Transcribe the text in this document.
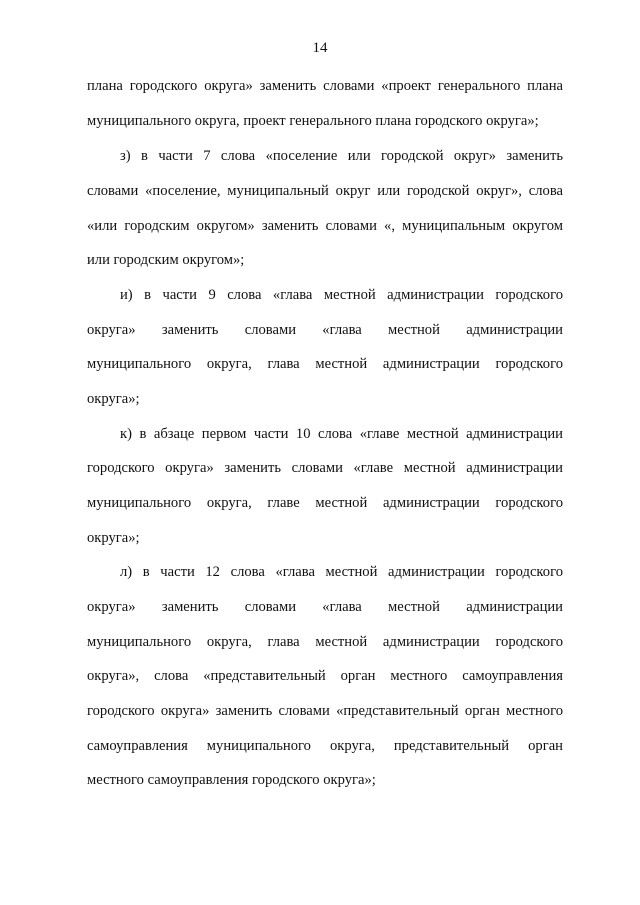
14
плана городского округа» заменить словами «проект генерального плана
муниципального округа, проект генерального плана городского округа»;
з) в части 7 слова «поселение или городской округ» заменить
словами «поселение, муниципальный округ или городской округ», слова
«или городским округом» заменить словами «, муниципальным округом
или городским округом»;
и) в части 9 слова «глава местной администрации городского
округа» заменить словами «глава местной администрации
муниципального округа, глава местной администрации городского
округа»;
к) в абзаце первом части 10 слова «главе местной администрации
городского округа» заменить словами «главе местной администрации
муниципального округа, главе местной администрации городского
округа»;
л) в части 12 слова «глава местной администрации городского
округа» заменить словами «глава местной администрации
муниципального округа, глава местной администрации городского
округа», слова «представительный орган местного самоуправления
городского округа» заменить словами «представительный орган местного
самоуправления муниципального округа, представительный орган
местного самоуправления городского округа»;
